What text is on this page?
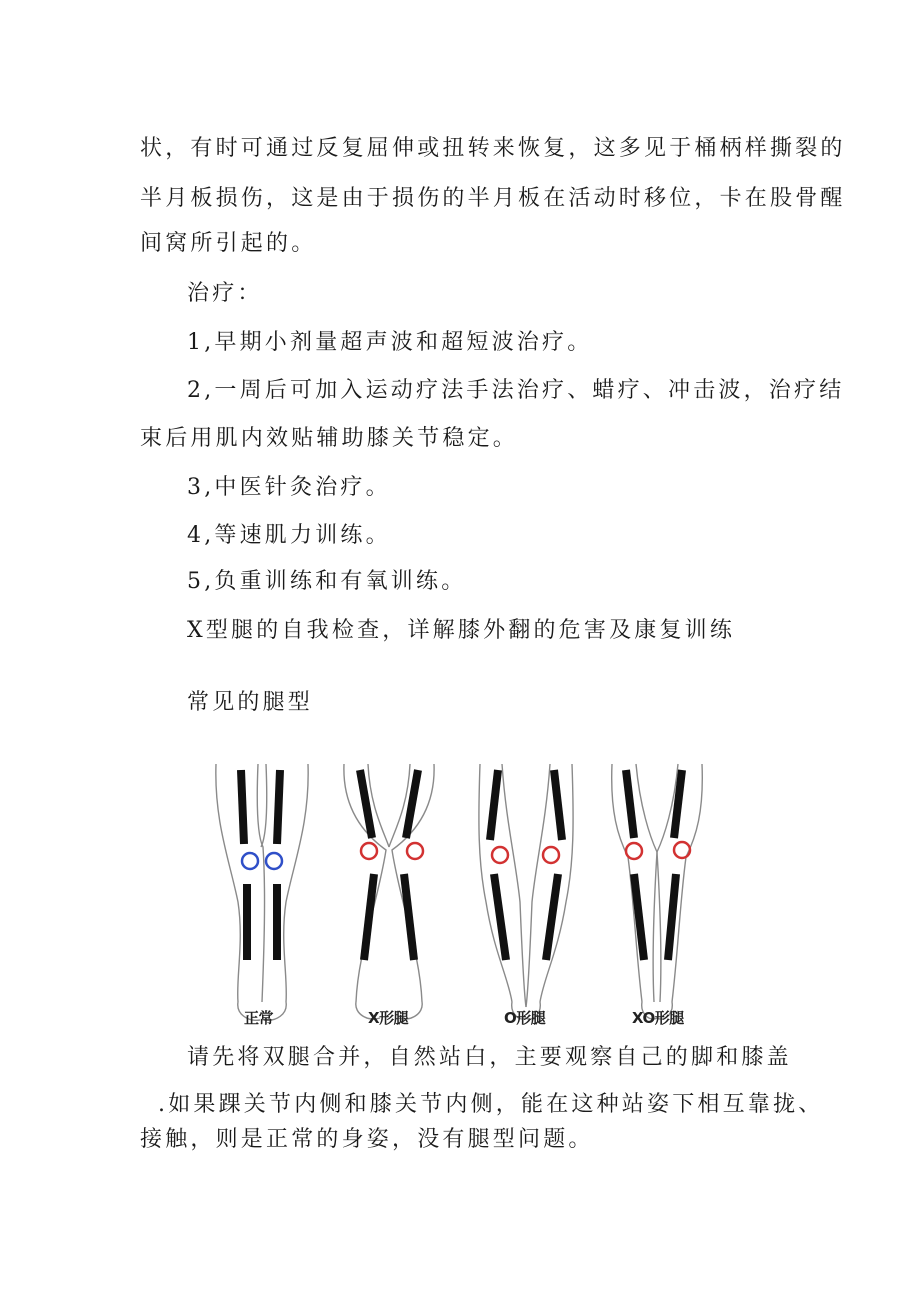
状，有时可通过反复屈伸或扭转来恢复，这多见于桶柄样撕裂的
半月板损伤，这是由于损伤的半月板在活动时移位，卡在股骨醒
间窝所引起的。
治疗：
1,早期小剂量超声波和超短波治疗。
2,一周后可加入运动疗法手法治疗、蜡疗、冲击波，治疗结
束后用肌内效贴辅助膝关节稳定。
3,中医针灸治疗。
4,等速肌力训练。
5,负重训练和有氧训练。
X型腿的自我检查，详解膝外翻的危害及康复训练
常见的腿型
请先将双腿合并，自然站白，主要观察自己的脚和膝盖
.如果踝关节内侧和膝关节内侧，能在这种站姿下相互靠拢、
接触，则是正常的身姿，没有腿型问题。
正常	X形腿	O形腿	XO形腿
